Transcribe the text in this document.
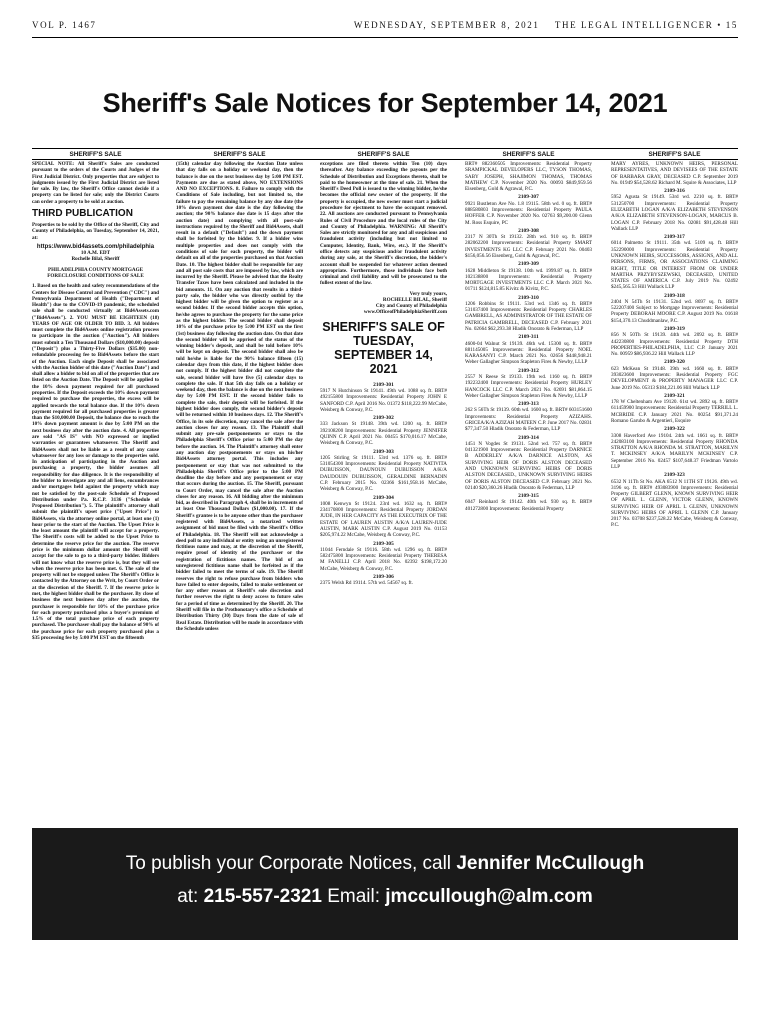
VOL P. 1467	WEDNESDAY, SEPTEMBER 8, 2021 THE LEGAL INTELLIGENCER • 15
Sheriff's Sale Notices for September 14, 2021
SHERIFF'S SALE	SHERIFF'S SALE	SHERIFF'S SALE	SHERIFF'S SALE	SHERIFF'S SALE

SPECIAL NOTE: All Sheriff's Sales are conducted pursuant to the orders of the Courts and Judges of the First Judicial District. Only properties that are subject to judgments issued by the First Judicial District are listed for sale. By law, the Sheriff's Office cannot decide if a property can be listed for sale; only the District Courts can order a property to be sold at auction.

THIRD PUBLICATION

Properties to be sold by the Office of the Sheriff, City and County of Philadelphia, on Tuesday, September 14, 2021, at:

https://www.bid4assets.com/philadelphia

10 A.M. EDT

Rochelle Bilal, Sheriff

PHILADELPHIA COUNTY MORTGAGE FORECLOSURE CONDITIONS OF SALE

1. Based on the health and safety recommendations of the Centers for Disease Control and Prevention ("CDC") and Pennsylvania Department of Health ("Department of Health") due to the COVID-19 pandemic, the scheduled sale shall be conducted virtually at Bid4Assets.com ("Bid4Assets"). 2. YOU MUST BE EIGHTEEN (18) YEARS OF AGE OR OLDER TO BID. 3. All bidders must complete the Bid4Assets online registration process to participate in the auction ("Auction"). All bidders must submit a Ten Thousand Dollars ($10,000.00) deposit ("Deposit") plus a Thirty-Five Dollars ($35.00) non-refundable processing fee to Bid4Assets before the start of the Auction. Each single Deposit shall be associated with the Auction bidder of this date ("Auction Date") and shall allow a bidder to bid on all of the properties that are listed on the Auction Date. The Deposit will be applied to the 10% down payment required for all purchased properties. If the Deposit exceeds the 10% down payment required to purchase the properties, the excess will be applied towards the total balance due. If the 10% down payment required for all purchased properties is greater than the $10,000.00 Deposit, the balance due to reach the 10% down payment amount is due by 5:00 PM on the next business day after the auction date. 4. All properties are sold "AS IS" with NO expressed or implied warranties or guarantees whatsoever. The Sheriff and Bid4Assets shall not be liable as a result of any cause whatsoever for any loss or damage to the properties sold. In anticipation of participating in the Auction and purchasing a property, the bidder assumes all responsibility for due diligence. It is the responsibility of the bidder to investigate any and all liens, encumbrances and/or mortgages held against the property which may not be satisfied by the post-sale Schedule of Proposed Distribution under Pa. R.C.P. 3136 ("Schedule of Proposed Distribution"). 5. The plaintiff's attorney shall submit the plaintiff's upset price ("Upset Price") to Bid4Assets, via the attorney online portal, at least one (1) hour prior to the start of the Auction. The Upset Price is the least amount the plaintiff will accept for a property. The Sheriff's costs will be added to the Upset Price to determine the reserve price for the auction. The reserve price is the minimum dollar amount the Sheriff will accept for the sale to go to a third-party bidder. Bidders will not know what the reserve price is, but they will see when the reserve price has been met. 6. The sale of the property will not be stopped unless The Sheriff's Office is contacted by the Attorney on the Writ, by Court Order or at the discretion of the Sheriff. 7. If the reserve price is met, the highest bidder shall be the purchaser. By close of business the next business day after the auction, the purchaser is responsible for 10% of the purchase price for each property purchased plus a buyer's premium of 1.5% of the total purchase price of each property purchased. The purchaser shall pay the balance of 90% of the purchase price for each property purchased plus a $35 processing fee by 5:00 PM EST on the fifteenth

(15th) calendar day following the Auction Date unless that day falls on a holiday or weekend day, then the balance is due on the next business day by 5:00 PM EST. Payments are due as stated above, NO EXTENSIONS AND NO EXCEPTIONS. 8. Failure to comply with the Conditions of Sale including, but not limited to, the failure to pay the remaining balance by any due date (the 10% down payment due date is the day following the auction; the 90% balance due date is 15 days after the auction date) and complying with all post-sale instructions required by the Sheriff and Bid4Assets, shall result in a default ("Default") and the down payment shall be forfeited by the bidder. 9. If a bidder wins multiple properties and does not comply with the conditions of sale for each property, the bidder will default on all of the properties purchased on that Auction Date. 10. The highest bidder shall be responsible for any and all post sale costs that are imposed by law, which are incurred by the Sheriff. Please be advised that the Realty Transfer Taxes have been calculated and included in the bid amounts. 11. On any auction that results in a third-party sale, the bidder who was directly outbid by the highest bidder will be given the option to register as a second bidder. If the second bidder accepts this option, he/she agrees to purchase the property for the same price as the highest bidder. The second bidder shall deposit 10% of the purchase price by 5:00 PM EST on the first (1st) business day following the auction date. On that date the second bidder will be apprised of the status of the winning bidder's deposit, and shall be told before 10% will be kept on deposit. The second bidder shall also be told he/she is liable for the 90% balance fifteen (15) calendar days from this date, if the highest bidder does not comply. If the highest bidder did not complete the sale, second bidder will have five (5) calendar days to complete the sale. If that 5th day falls on a holiday or weekend day, then the balance is due on the next business day by 5:00 PM EST. If the second bidder fails to complete the sale, their deposit will be forfeited. If the highest bidder does comply, the second bidder's deposit will be returned within 10 business days. 12. The Sheriff's Office, in its sole discretion, may cancel the sale after the auction closes for any reason. 13. The Plaintiff shall submit any pre-sale postponements or stays to the Philadelphia Sheriff's Office prior to 5:00 PM the day before the auction. 14. The Plaintiff's attorney shall enter any auction day postponements or stays on his/her Bid4Assets attorney portal. This includes any postponement or stay that was not submitted to the Philadelphia Sheriff's Office prior to the 5:00 PM deadline the day before and any postponement or stay that occurs during the auction. 15. The Sheriff, pursuant to Court Order, may cancel the sale after the Auction closes for any reason. 16. All bidding after the minimum bid, as described in Paragraph 4, shall be in increments of at least One Thousand Dollars ($1,000.00). 17. If the Sheriff's grantee is to be anyone other than the purchaser registered with Bid4Assets, a notarized written assignment of bid must be filed with the Sheriff's Office of Philadelphia. 18. The Sheriff will not acknowledge a deed poll to any individual or entity using an unregistered fictitious name and may, at the discretion of the Sheriff, require proof of identity of the purchaser or the registration of fictitious names. The bid of an unregistered fictitious name shall be forfeited as if the bidder failed to meet the terms of sale. 19. The Sheriff reserves the right to refuse purchase from bidders who have failed to enter deposits, failed to make settlement or for any other reason at Sheriff's sole discretion and further reserves the right to deny access to future sales for a period of time as determined by the Sheriff. 20. The Sheriff will file in the Prothonotary's office a Schedule of Distribution Thirty (30) Days from the date of sale of Real Estate. Distribution will be made in accordance with the Schedule unless

exceptions are filed thereto within Ten (10) days thereafter. Any balance exceeding the payouts per the Schedule of Distribution and Exceptions thereto, shall be paid to the homeowner at the time of sale. 21. When the Sheriff's Deed Poll is issued to the winning bidder, he/she becomes the official new owner of the property. If the property is occupied, the new owner must start a judicial procedure for ejectment to have the occupant removed. 22. All auctions are conducted pursuant to Pennsylvania Rules of Civil Procedure and the local rules of the City and County of Philadelphia. WARNING: All Sheriff's Sales are strictly monitored for any and all suspicious and fraudulent activity (including but not limited to Computer, Identity, Bank, Wire, etc.). If the Sheriff's office detects any suspicious and/or fraudulent activity during any sale, at the Sheriff's discretion, the bidder's account shall be suspended for whatever action deemed appropriate. Furthermore, those individuals face both criminal and civil liability and will be prosecuted to the fullest extent of the law.

Very truly yours,

ROCHELLE BILAL, Sheriff

City and County of Philadelphia

www.OfficeofPhiladelphiaSheriff.com

SHERIFF'S SALE OF TUESDAY, SEPTEMBER 14, 2021

2109-301

5917 N Hutchinson St 19141. 49th wd. 1088 sq. ft. BRT# 492155800 Improvements: Residential Property JOHN E SANFORD C.P. April 2016 No. 01372 $118,222.99 McCabe, Weisberg & Conway, P.C.

2109-302

333 Jackson St 19148. 39th wd. 1200 sq. ft. BRT# 392108200 Improvements: Residential Property JENNIFER QUINN C.P. April 2021 No. 00455 $170,016.17 McCabe, Weisberg & Conway, P.C.

2109-303

1205 Stirling St 19111. 53rd wd. 1376 sq. ft. BRT# 531054300 Improvements: Residential Property NATIVITA DUBUISSON, DAUNOUN DUBUISSON A/K/A DAUDOUIN DUBUISSON, GERALDINE BERNADIN C.P. February 2015 No. 02366 $161,958.16 McCabe, Weisberg & Conway, P.C.

2109-304

1008 Kenwyn St 19124. 23rd wd. 1632 sq. ft. BRT# 234170800 Improvements: Residential Property JORDAN JUDE, IN HER CAPACITY AS THE EXECUTRIX OF THE ESTATE OF LAUREN AUSTIN A/K/A LAUREN-JUDE AUSTIN, MARK AUSTIN C.P. August 2019 No. 01153 $205,974.22 McCabe, Weisberg & Conway, P.C.

2109-305

11044 Ferndale St 19116. 58th wd. 1296 sq. ft. BRT# 582475800 Improvements: Residential Property THERESA M FANELLI C.P. April 2018 No. 02392 $198,172.20 McCabe, Weisberg & Conway, P.C.

2109-306

2375 Welsh Rd 19114. 57th wd. 54567 sq. ft.

BRT# 882360505 Improvements: Residential Property SRAMPICKAL DEVELOPERS LLC, TYSON THOMAS, SABY JOSEPH, SHAJIMON THOMAS, THOMAS MATHEW C.P. November 2020 No. 00093 $849,959.56 Eisenberg, Gold & Agrawal, P.C.

2109-307

9921 Bustleton Ave No. 1.8 19115. 58th wd. 0 sq. ft. BRT# 888580803 Improvements: Residential Property PAULA HOFFER C.P. November 2020 No. 02763 $9,200.00 Glenn M. Ross Esquire, PC

2109-308

2317 N 30Th St 19132. 28th wd. 910 sq. ft. BRT# 282062200 Improvements: Residential Property SMART INVESTMENTS KG LLC C.P. February 2021 No. 00403 $156,056.56 Eisenberg, Gold & Agrawal, P.C.

2109-309

1628 Middleton St 19138. 10th wd. 1999.87 sq. ft. BRT# 102138800 Improvements: Residential Property MORTGAGE INVESTMENTS LLC C.P. March 2021 No. 01711 $124,815.85 Kivitz & Kivitz, P.C.

2109-310

1206 Robbins St 19111. 53rd wd. 1346 sq. ft. BRT# 531037400 Improvements: Residential Property CHARLES GAMBRELL, AS ADMINISTRATOR OF THE ESTATE OF PATRICIA GAMBRELL, DECEASED C.P. February 2021 No. 02664 $62,293.38 Hladik Onorato & Federman, LLP

2109-311

4600-04 Walnut St 19139. 46th wd. 15300 sq. ft. BRT# 881145005 Improvements: Residential Property NOEL KARASANYI C.P. March 2021 No. 02656 $448,948.21 Weber Gallagher Simpson Stapleton Fires & Newby, LLLP

2109-312

2557 N Reese St 19133. 19th wd. 1160 sq. ft. BRT# 192232400 Improvements: Residential Property HURLEY HANCOCK LLC C.P. March 2021 No. 02691 $81,864.15 Weber Gallagher Simpson Stapleton Fires & Newby, LLLP

2109-313

262 S 56Th St 19139. 60th wd. 1600 sq. ft. BRT# 603151600 Improvements: Residential Property AZIZAHS. GRICEA/K/A AZIZAH MATEEN C.P. June 2017 No. 02831 $77,347.50 Hladik Onorato & Federman, LLP

2109-314

1451 N Vogdes St 19131. 52nd wd. 757 sq. ft. BRT# 041321900 Improvements: Residential Property DARNICE B ADDERLEY A/K/A DARNICE ALSTON, AS SURVIVING HEIR OF DORIS ALSTON DECEASED AND UNKNOWN SURVIVING HEIRS OF DORIS ALSTON DECEASED., UNKNOWN SURVIVING HEIRS OF DORIS ALSTON DECEASED C.P. February 2021 No. 02140 $20,360.26 Hladik Onorato & Federman, LLP

2109-315

6047 Reinhard St 19142. 40th wd. 930 sq. ft. BRT# 401272800 Improvements: Residential Property

MARY AYRES, UNKNOWN HEIRS, PERSONAL REPRESENTATIVES, AND DEVISEES OF THE ESTATE OF BARBARA GRAY, DECEASED C.P. September 2019 No. 01949 $54,528.62 Richard M. Squire & Associates, LLP

2109-316

5952 Agusta St 19149. 53rd wd. 2210 sq. ft. BRT# 531250700 Improvements: Residential Property ELIZABETH LOGAN A/K/A ELIZABETH STEVENSON A/K/A ELIZABETH STEVENSON-LOGAN, MARCUS B. LOGAN C.P. February 2018 No. 02081 $91,428.48 Hill Wallack LLP

2109-317

6014 Palmetto St 19111. 35th wd. 5109 sq. ft. BRT# 352290000 Improvements: Residential Property UNKNOWN HEIRS, SUCCESSORS, ASSIGNS, AND ALL PERSONS, FIRMS, OR ASSOCIATIONS CLAIMING RIGHT, TITLE OR INTEREST FROM OR UNDER MARTHA PRZYBYSZEWSKI, DECEASED, UNITED STATES OF AMERICA C.P. July 2019 No. 02492 $245,565.53 Hill Wallack LLP

2109-318

2404 N 54Th St 19131. 52nd wd. 8697 sq. ft. BRT# 522207400 Subject to Mortgage Improvements: Residential Property DEBORAH MOORE C.P. August 2019 No. 01618 $154,370.13 Chuddmanlaw, P.C.

2109-319

856 N 50Th St 19139. 44th wd. 2092 sq. ft. BRT# 442230800 Improvements: Residential Property DTH PROPERTIES-PHILADELPHIA, LLC C.P. January 2021 No. 00959 $86,936.22 Hill Wallack LLP

2109-320

623 McKean St 19148. 39th wd. 1660 sq. ft. BRT# 393023600 Improvements: Residential Property FGC DEVELOPMENT & PROPERTY MANAGER LLC C.P. June 2019 No. 05313 $184,221.06 Hill Wallack LLP

2109-321

178 W Cheltenham Ave 19120. 61st wd. 2892 sq. ft. BRT# 611459900 Improvements: Residential Property TERRILL L. MCBRIDE C.P. January 2021 No. 00254 $91,371.24 Romano Garubo & Argentieri, Esquire

2109-322

3308 Haverford Ave 19104. 24th wd. 1661 sq. ft. BRT# 242083100 Improvements: Residential Property RHONDA STRATTON A/K/A RHONDA M. STRATTON, MARILYN T. MCKINSEY A/K/A MARILYN MCKINSEY C.P. September 2016 No. 02457 $107,648.37 Friedman Vartolo LLP

2109-323

6532 N 11Th St No. AKA 6512 N 11TH ST 19126. 49th wd. 3196 sq. ft. BRT# 493083900 Improvements: Residential Property GILBERT GLENN, KNOWN SURVIVING HEIR OF APRIL L. GLENN, VICTOR GLENN, KNOWN SURVIVING HEIR OF APRIL L GLENN, UNKNOWN SURVIVING HEIRS OF APRIL L GLENN C.P. January 2017 No. 03708 $237,528.22 McCabe, Weisberg & Conway, P.C.

To publish your Corporate Notices, call Jennifer McCullough
at: 215-557-2321 Email: jmccullough@alm.com
